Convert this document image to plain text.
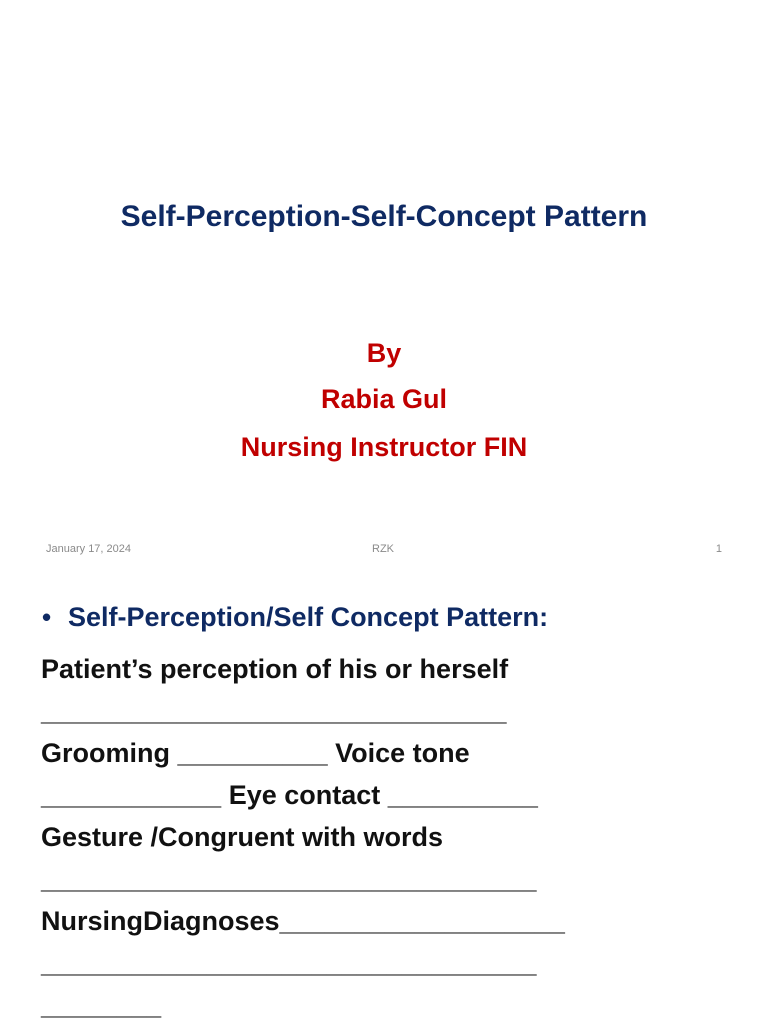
Self-Perception-Self-Concept Pattern
By
Rabia Gul
Nursing Instructor FIN
January 17, 2024	RZK	1
• Self-Perception/Self Concept Pattern:
Patient’s perception of his or herself
_______________________________
Grooming __________ Voice tone
____________ Eye contact __________
Gesture /Congruent with words
_________________________________
NursingDiagnoses___________________
_________________________________
________
